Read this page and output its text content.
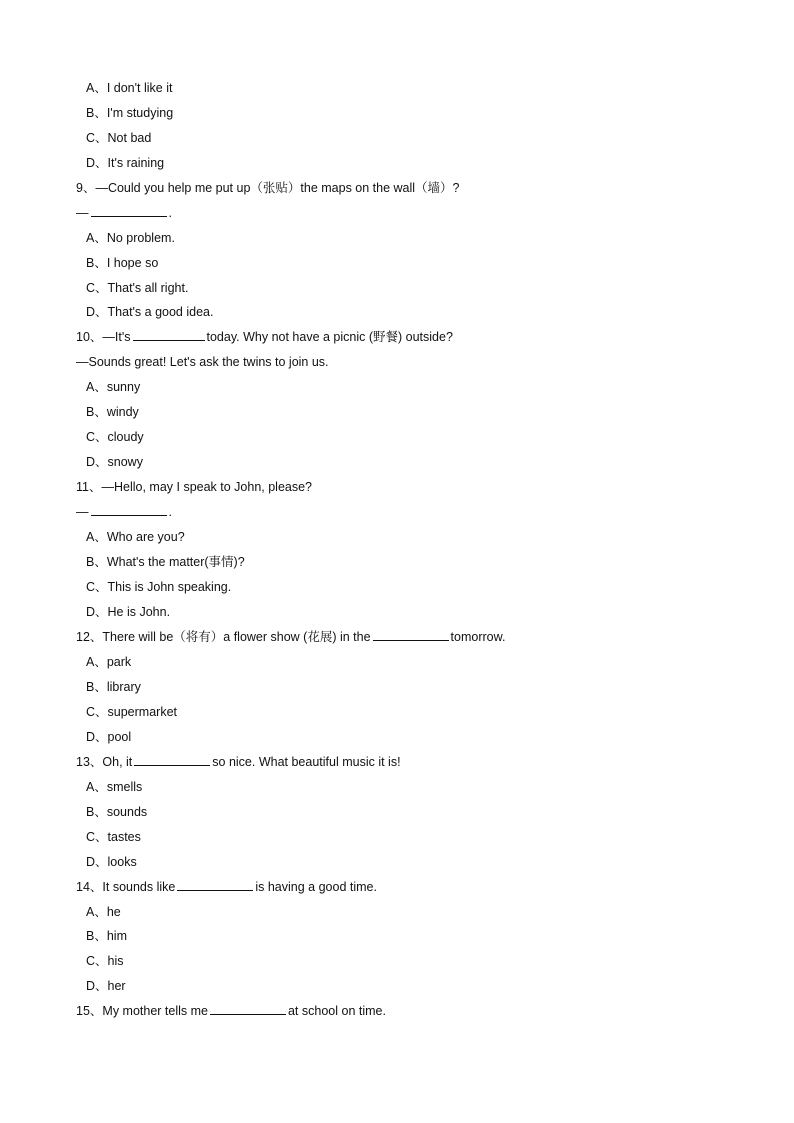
A、I don't like it
B、I'm studying
C、Not bad
D、It's raining
9、—Could you help me put up（张贴）the maps on the wall（墙）?
—	.
A、No problem.
B、I hope so
C、That's all right.
D、That's a good idea.
10、—It's	today. Why not have a picnic (野餐) outside?
—Sounds great! Let's ask the twins to join us.
A、sunny
B、windy
C、cloudy
D、snowy
11、—Hello, may I speak to John, please?
—	.
A、Who are you?
B、What's the matter(事情)?
C、This is John speaking.
D、He is John.
12、There will be（将有）a flower show (花展) in the	tomorrow.
A、park
B、library
C、supermarket
D、pool
13、Oh, it	so nice. What beautiful music it is!
A、smells
B、sounds
C、tastes
D、looks
14、It sounds like	is having a good time.
A、he
B、him
C、his
D、her
15、My mother tells me	at school on time.
